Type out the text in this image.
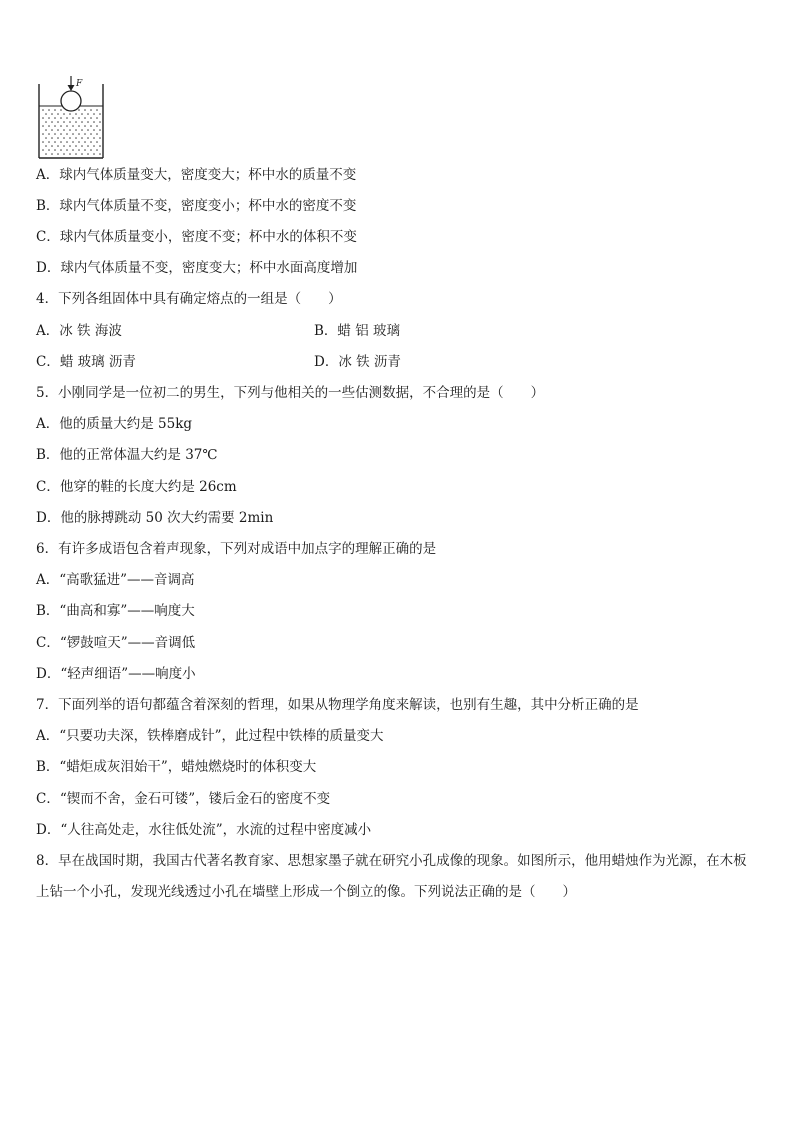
F
A．球内气体质量变大，密度变大；杯中水的质量不变
B．球内气体质量不变，密度变小；杯中水的密度不变
C．球内气体质量变小，密度不变；杯中水的体积不变
D．球内气体质量不变，密度变大；杯中水面高度增加
4．下列各组固体中具有确定熔点的一组是（　　）
A．冰 铁 海波	B．蜡 铝 玻璃
C．蜡 玻璃 沥青	D．冰 铁 沥青
5．小刚同学是一位初二的男生，下列与他相关的一些估测数据，不合理的是（　　）
A．他的质量大约是 55kg
B．他的正常体温大约是 37℃
C．他穿的鞋的长度大约是 26cm
D．他的脉搏跳动 50 次大约需要 2min
6．有许多成语包含着声现象，下列对成语中加点字的理解正确的是
A．“高歌猛进”——音调高
B．“曲高和寡”——响度大
C．“锣鼓喧天”——音调低
D．“轻声细语”——响度小
7．下面列举的语句都蕴含着深刻的哲理，如果从物理学角度来解读，也别有生趣，其中分析正确的是
A．“只要功夫深，铁棒磨成针”，此过程中铁棒的质量变大
B．“蜡炬成灰泪始干”，蜡烛燃烧时的体积变大
C．“锲而不舍，金石可镂”，镂后金石的密度不变
D．“人往高处走，水往低处流”，水流的过程中密度减小
8．早在战国时期，我国古代著名教育家、思想家墨子就在研究小孔成像的现象。如图所示，他用蜡烛作为光源，在木板上钻一个小孔，发现光线透过小孔在墙壁上形成一个倒立的像。下列说法正确的是（　　）
